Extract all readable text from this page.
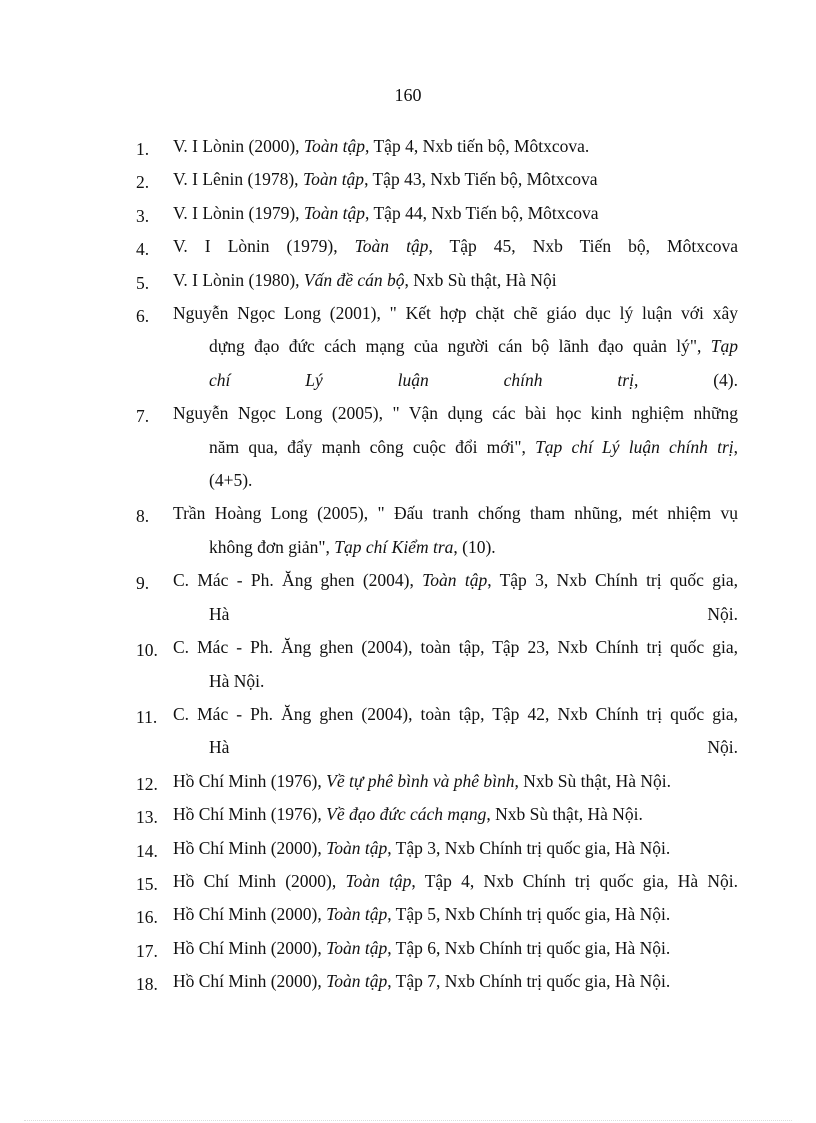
160
1. V. I Lònin (2000), Toàn tập, Tập 4, Nxb tiến bộ, Môtxcova.
2. V. I Lênin (1978), Toàn tập, Tập 43, Nxb Tiến bộ, Môtxcova
3. V. I Lònin (1979), Toàn tập, Tập 44, Nxb Tiến bộ, Môtxcova
4. V. I Lònin (1979), Toàn tập, Tập 45, Nxb Tiến bộ, Môtxcova
5. V. I Lònin (1980), Vấn đề cán bộ, Nxb Sù thật, Hà Nội
6. Nguyễn Ngọc Long (2001), " Kết hợp chặt chẽ giáo dục lý luận với xây
dựng đạo đức cách mạng của người cán bộ lãnh đạo quản lý", Tạp
chí Lý luận chính trị, (4).
7. Nguyễn Ngọc Long (2005), " Vận dụng các bài học kinh nghiệm những
năm qua, đẩy mạnh công cuộc đổi mới", Tạp chí Lý luận chính trị,
(4+5).
8. Trần Hoàng Long (2005), " Đấu tranh chống tham nhũng, mét nhiệm vụ
không đơn giản", Tạp chí Kiểm tra, (10).
9. C. Mác - Ph. Ăng ghen (2004), Toàn tập, Tập 3, Nxb Chính trị quốc gia,
Hà Nội.
10. C. Mác - Ph. Ăng ghen (2004), toàn tập, Tập 23, Nxb Chính trị quốc gia,
Hà Nội.
11. C. Mác - Ph. Ăng ghen (2004), toàn tập, Tập 42, Nxb Chính trị quốc gia,
Hà Nội.
12. Hồ Chí Minh (1976), Về tự phê bình và phê bình, Nxb Sù thật, Hà Nội.
13. Hồ Chí Minh (1976), Về đạo đức cách mạng, Nxb Sù thật, Hà Nội.
14. Hồ Chí Minh (2000), Toàn tập, Tập 3, Nxb Chính trị quốc gia, Hà Nội.
15. Hồ Chí Minh (2000), Toàn tập, Tập 4, Nxb Chính trị quốc gia, Hà Nội.
16. Hồ Chí Minh (2000), Toàn tập, Tập 5, Nxb Chính trị quốc gia, Hà Nội.
17. Hồ Chí Minh (2000), Toàn tập, Tập 6, Nxb Chính trị quốc gia, Hà Nội.
18. Hồ Chí Minh (2000), Toàn tập, Tập 7, Nxb Chính trị quốc gia, Hà Nội.
